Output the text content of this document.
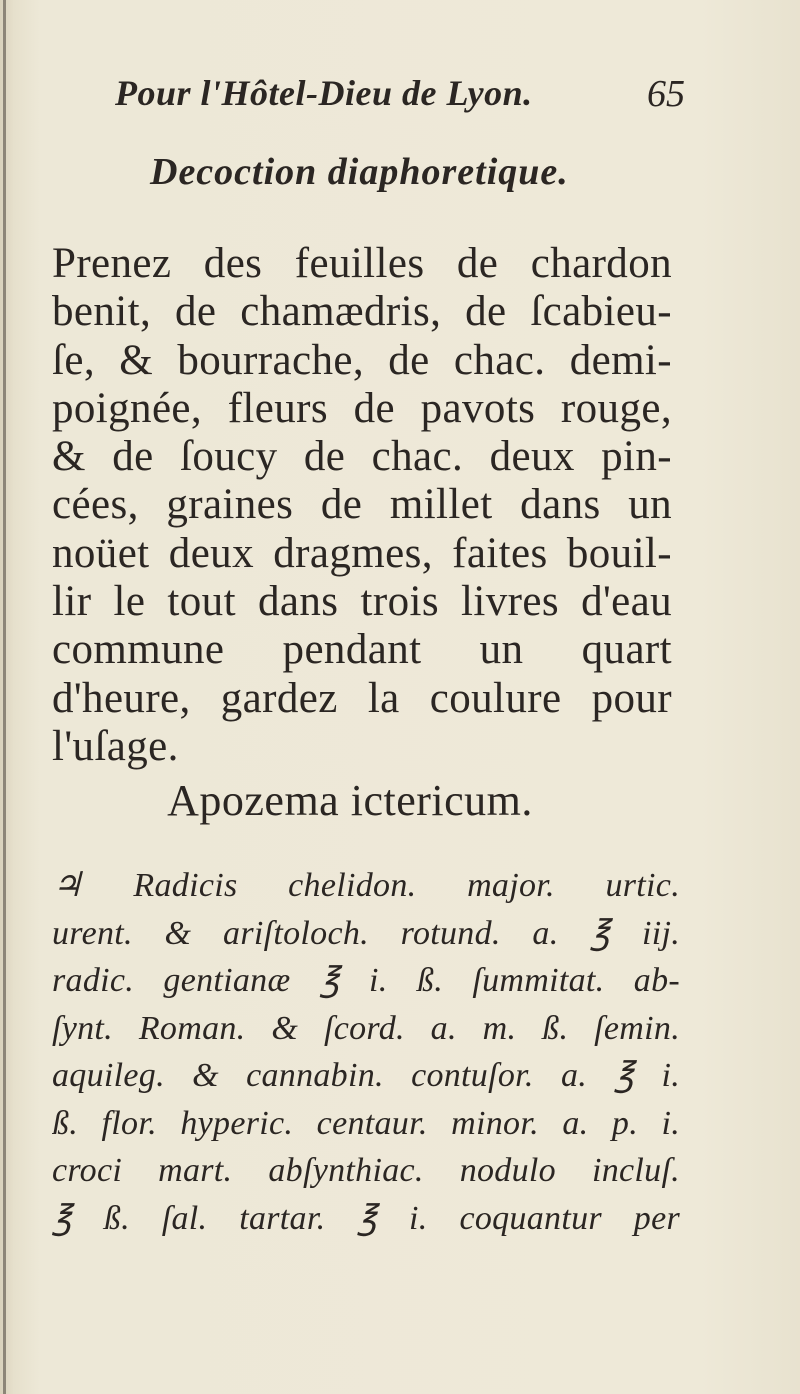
Pour l'Hôtel-Dieu de Lyon.	65
Decoction diaphoretique.
Prenez des feuilles de chardon
benit, de chamædris, de ſcabieu-
ſe, & bourrache, de chac. demi-
poignée, fleurs de pavots rouge,
& de ſoucy de chac. deux pin-
cées, graines de millet dans un
noüet deux dragmes, faites bouil-
lir le tout dans trois livres d'eau
commune pendant un quart
d'heure, gardez la coulure pour
l'uſage.
Apozema ictericum.
♃ Radicis chelidon. major. urtic.
urent. & ariſtoloch. rotund. a. ℥ iij.
radic. gentianæ ℥ i. ß. ſummitat. ab-
ſynt. Roman. & ſcord. a. m. ß. ſemin.
aquileg. & cannabin. contuſor. a. ℥ i.
ß. flor. hyperic. centaur. minor. a. p. i.
croci mart. abſynthiac. nodulo incluſ.
℥ ß. ſal. tartar. ℥ i. coquantur per
